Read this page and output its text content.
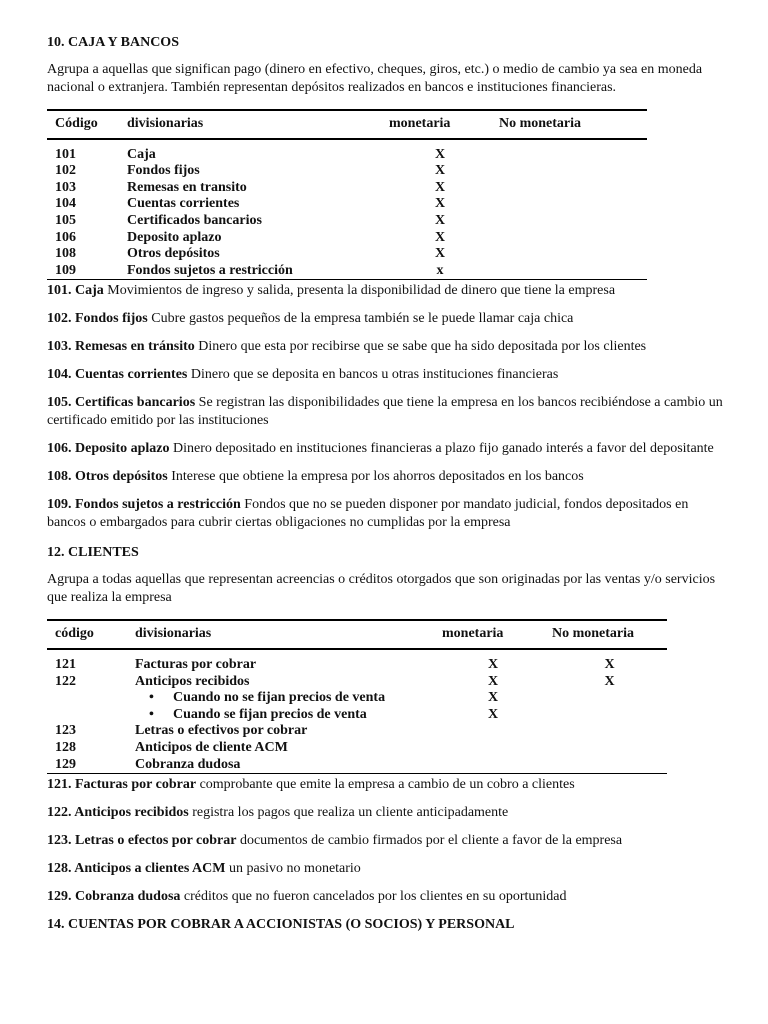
10. CAJA Y BANCOS

Agrupa a aquellas que significan pago (dinero en efectivo, cheques, giros, etc.) o medio de cambio ya sea en moneda nacional o extranjera. También representan depósitos realizados en bancos e instituciones financieras.

Código	divisionarias	monetaria	No monetaria
101	Caja	X	
102	Fondos fijos	X	
103	Remesas en transito	X	
104	Cuentas corrientes	X	
105	Certificados bancarios	X	
106	Deposito aplazo	X	
108	Otros depósitos	X	
109	Fondos sujetos a restricción	x	

101. Caja Movimientos de ingreso y salida, presenta la disponibilidad de dinero que tiene la empresa

102. Fondos fijos Cubre gastos pequeños de la empresa también se le puede llamar caja chica

103. Remesas en tránsito Dinero que esta por recibirse que se sabe que ha sido depositada por los clientes

104. Cuentas corrientes Dinero que se deposita en bancos u otras instituciones financieras

105. Certificas bancarios Se registran las disponibilidades que tiene la empresa en los bancos recibiéndose a cambio un certificado emitido por las instituciones

106. Deposito aplazo Dinero depositado en instituciones financieras a plazo fijo ganado interés a favor del depositante

108. Otros depósitos Interese que obtiene la empresa por los ahorros depositados en los bancos

109. Fondos sujetos a restricción Fondos que no se pueden disponer por mandato judicial, fondos depositados en bancos o embargados para cubrir ciertas obligaciones no cumplidas por la empresa

12. CLIENTES

Agrupa a todas aquellas que representan acreencias o créditos otorgados que son originadas por las ventas y/o servicios que realiza la empresa

código	divisionarias	monetaria	No monetaria
121	Facturas por cobrar	X	X
122	Anticipos recibidos	X	X
	• Cuando no se fijan precios de venta	X	
	• Cuando se fijan precios de venta	X	
123	Letras o efectivos por cobrar		
128	Anticipos de cliente ACM		
129	Cobranza dudosa		

121. Facturas por cobrar comprobante que emite la empresa a cambio de un cobro a clientes

122. Anticipos recibidos registra los pagos que realiza un cliente anticipadamente

123. Letras o efectos por cobrar documentos de cambio firmados por el cliente a favor de la empresa

128. Anticipos a clientes ACM un pasivo no monetario

129. Cobranza dudosa créditos que no fueron cancelados por los clientes en su oportunidad

14. CUENTAS POR COBRAR A ACCIONISTAS (O SOCIOS) Y PERSONAL
